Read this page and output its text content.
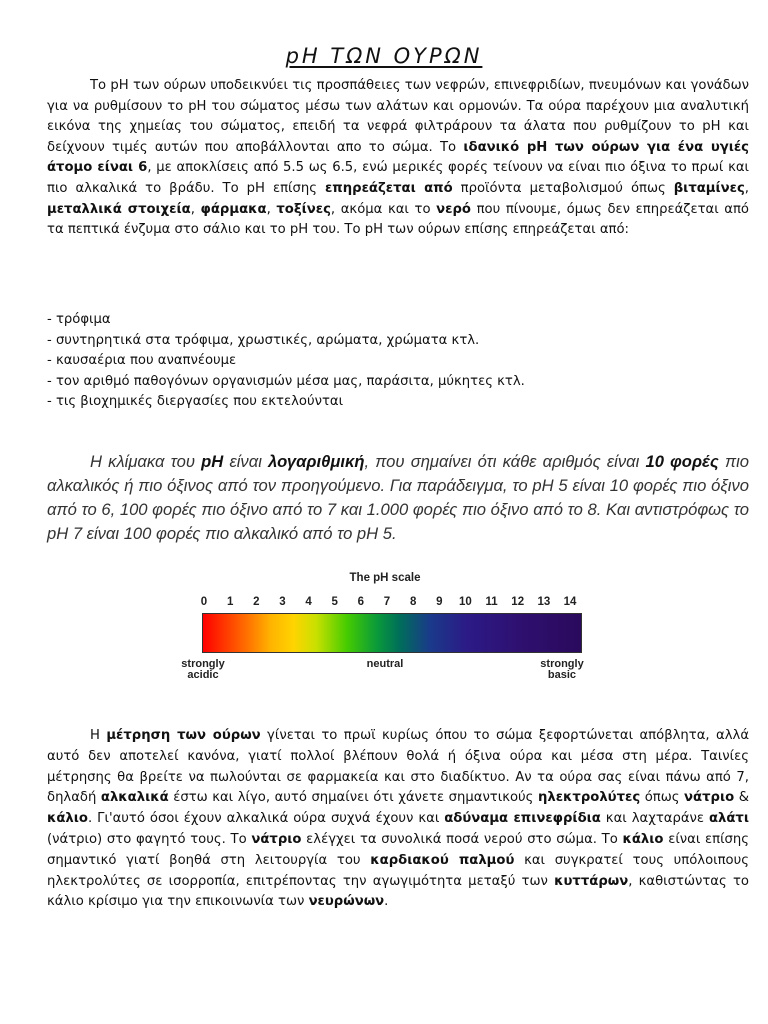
pH ΤΩΝ ΟΥΡΩΝ
Το pH των ούρων υποδεικνύει τις προσπάθειες των νεφρών, επινεφριδίων, πνευμόνων και γονάδων για να ρυθμίσουν το pH του σώματος μέσω των αλάτων και ορμονών. Τα ούρα παρέχουν μια αναλυτική εικόνα της χημείας του σώματος, επειδή τα νεφρά φιλτράρουν τα άλατα που ρυθμίζουν το pH και δείχνουν τιμές αυτών που αποβάλλονται απο το σώμα. Το ιδανικό pH των ούρων για ένα υγιές άτομο είναι 6, με αποκλίσεις από 5.5 ως 6.5, ενώ μερικές φορές τείνουν να είναι πιο όξινα το πρωί και πιο αλκαλικά το βράδυ. Το pH επίσης επηρεάζεται από προϊόντα μεταβολισμού όπως βιταμίνες, μεταλλικά στοιχεία, φάρμακα, τοξίνες, ακόμα και το νερό που πίνουμε, όμως δεν επηρεάζεται από τα πεπτικά ένζυμα στο σάλιο και το pH του. Το pH των ούρων επίσης επηρεάζεται από:
- τρόφιμα
- συντηρητικά στα τρόφιμα, χρωστικές, αρώματα, χρώματα κτλ.
- καυσαέρια που αναπνέουμε
- τον αριθμό παθογόνων οργανισμών μέσα μας, παράσιτα, μύκητες κτλ.
- τις βιοχημικές διεργασίες που εκτελούνται
Η κλίμακα του pH είναι λογαριθμική, που σημαίνει ότι κάθε αριθμός είναι 10 φορές πιο αλκαλικός ή πιο όξινος από τον προηγούμενο. Για παράδειγμα, το pH 5 είναι 10 φορές πιο όξινο από το 6, 100 φορές πιο όξινο από το 7 και 1.000 φορές πιο όξινο από το 8. Και αντιστρόφως το pH 7 είναι 100 φορές πιο αλκαλικό από το pH 5.
The pH scale
0 1 2 3 4 5 6 7 8 9 10 11 12 13 14
strongly acidic
neutral	strongly basic
Η μέτρηση των ούρων γίνεται το πρωϊ κυρίως όπου το σώμα ξεφορτώνεται απόβλητα, αλλά αυτό δεν αποτελεί κανόνα, γιατί πολλοί βλέπουν θολά ή όξινα ούρα και μέσα στη μέρα. Ταινίες μέτρησης θα βρείτε να πωλούνται σε φαρμακεία και στο διαδίκτυο. Αν τα ούρα σας είναι πάνω από 7, δηλαδή αλκαλικά έστω και λίγο, αυτό σημαίνει ότι χάνετε σημαντικούς ηλεκτρολύτες όπως νάτριο & κάλιο. Γι'αυτό όσοι έχουν αλκαλικά ούρα συχνά έχουν και αδύναμα επινεφρίδια και λαχταράνε αλάτι (νάτριο) στο φαγητό τους. Το νάτριο ελέγχει τα συνολικά ποσά νερού στο σώμα. Το κάλιο είναι επίσης σημαντικό γιατί βοηθά στη λειτουργία του καρδιακού παλμού και συγκρατεί τους υπόλοιπους ηλεκτρολύτες σε ισορροπία, επιτρέποντας την αγωγιμότητα μεταξύ των κυττάρων, καθιστώντας το κάλιο κρίσιμο για την επικοινωνία των νευρώνων.
